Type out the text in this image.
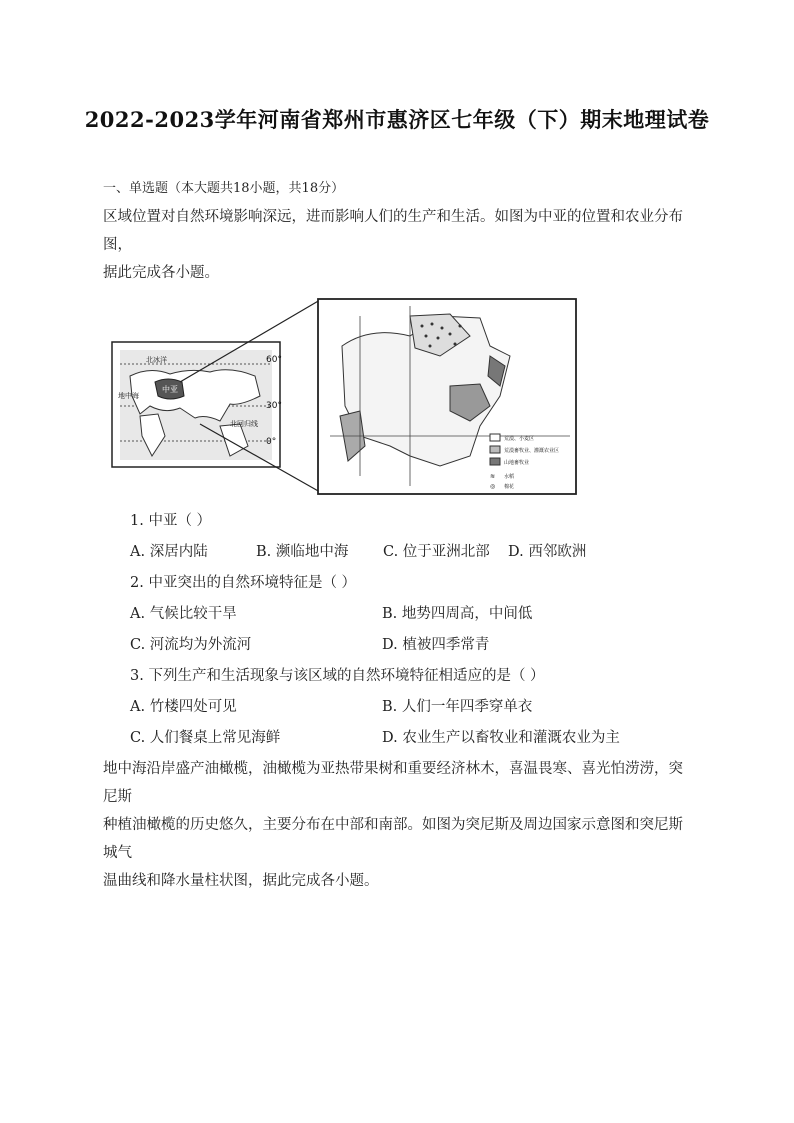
2022-2023学年河南省郑州市惠济区七年级（下）期末地理试卷
一、单选题（本大题共18小题，共18分）
区域位置对自然环境影响深远，进而影响人们的生产和生活。如图为中亚的位置和农业分布图，
据此完成各小题。
中亚
北冰洋
地中海
北回归线
60°
30°
0°
≋
◎
荒漠、小麦区
荒漠畜牧业、灌溉农业区
山地畜牧业
水稻
棉花
1. 中亚（ ）
A. 深居内陆	B. 濒临地中海 C. 位于亚洲北部 D. 西邻欧洲
2. 中亚突出的自然环境特征是（ ）
A. 气候比较干旱	B. 地势四周高，中间低
C. 河流均为外流河	D. 植被四季常青
3. 下列生产和生活现象与该区域的自然环境特征相适应的是（ ）
A. 竹楼四处可见	B. 人们一年四季穿单衣
C. 人们餐桌上常见海鲜	D. 农业生产以畜牧业和灌溉农业为主
地中海沿岸盛产油橄榄，油橄榄为亚热带果树和重要经济林木，喜温畏寒、喜光怕涝涝，突尼斯
种植油橄榄的历史悠久，主要分布在中部和南部。如图为突尼斯及周边国家示意图和突尼斯城气
温曲线和降水量柱状图，据此完成各小题。
